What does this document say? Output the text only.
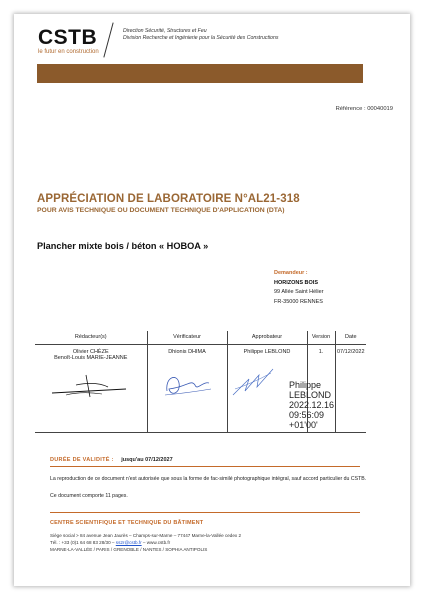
CSTB
le futur en construction
Direction Sécurité, Structures et Feu
Division Recherche et Ingénierie pour la Sécurité des Constructions
Référence : 00040019
APPRÉCIATION DE LABORATOIRE N°AL21-318
POUR AVIS TECHNIQUE OU DOCUMENT TECHNIQUE D'APPLICATION (DTA)
Plancher mixte bois / béton « HOBOA »
Demandeur :
HORIZONS BOIS
99 Allée Saint Hélier
FR-35000 RENNES
Rédacteur(s)	Vérificateur	Approbateur	Version	Date

Olivier CHÈZE
Benoît-Louis MARIE-JEANNE	Dhionis DHIMA	Philippe LEBLOND	1.	07/12/2022
Philippe
LEBLOND
2022.12.16
09:56:09
+01'00'
DURÉE DE VALIDITÉ : jusqu'au 07/12/2027
La reproduction de ce document n'est autorisée que sous la forme de fac-similé photographique intégral, sauf accord particulier du CSTB.
Ce document comporte 11 pages.
CENTRE SCIENTIFIQUE ET TECHNIQUE DU BÂTIMENT
Siège social > 84 avenue Jean Jaurès – Champs-sur-Marne – 77447 Marne-la-Vallée cedex 2
Tél. : +33 (0)1 64 68 83 28/30 – ss2r@cstb.fr – www.cstb.fr
MARNE-LA-VALLÉE / PARIS / GRENOBLE / NANTES / SOPHIA ANTIPOLIS
